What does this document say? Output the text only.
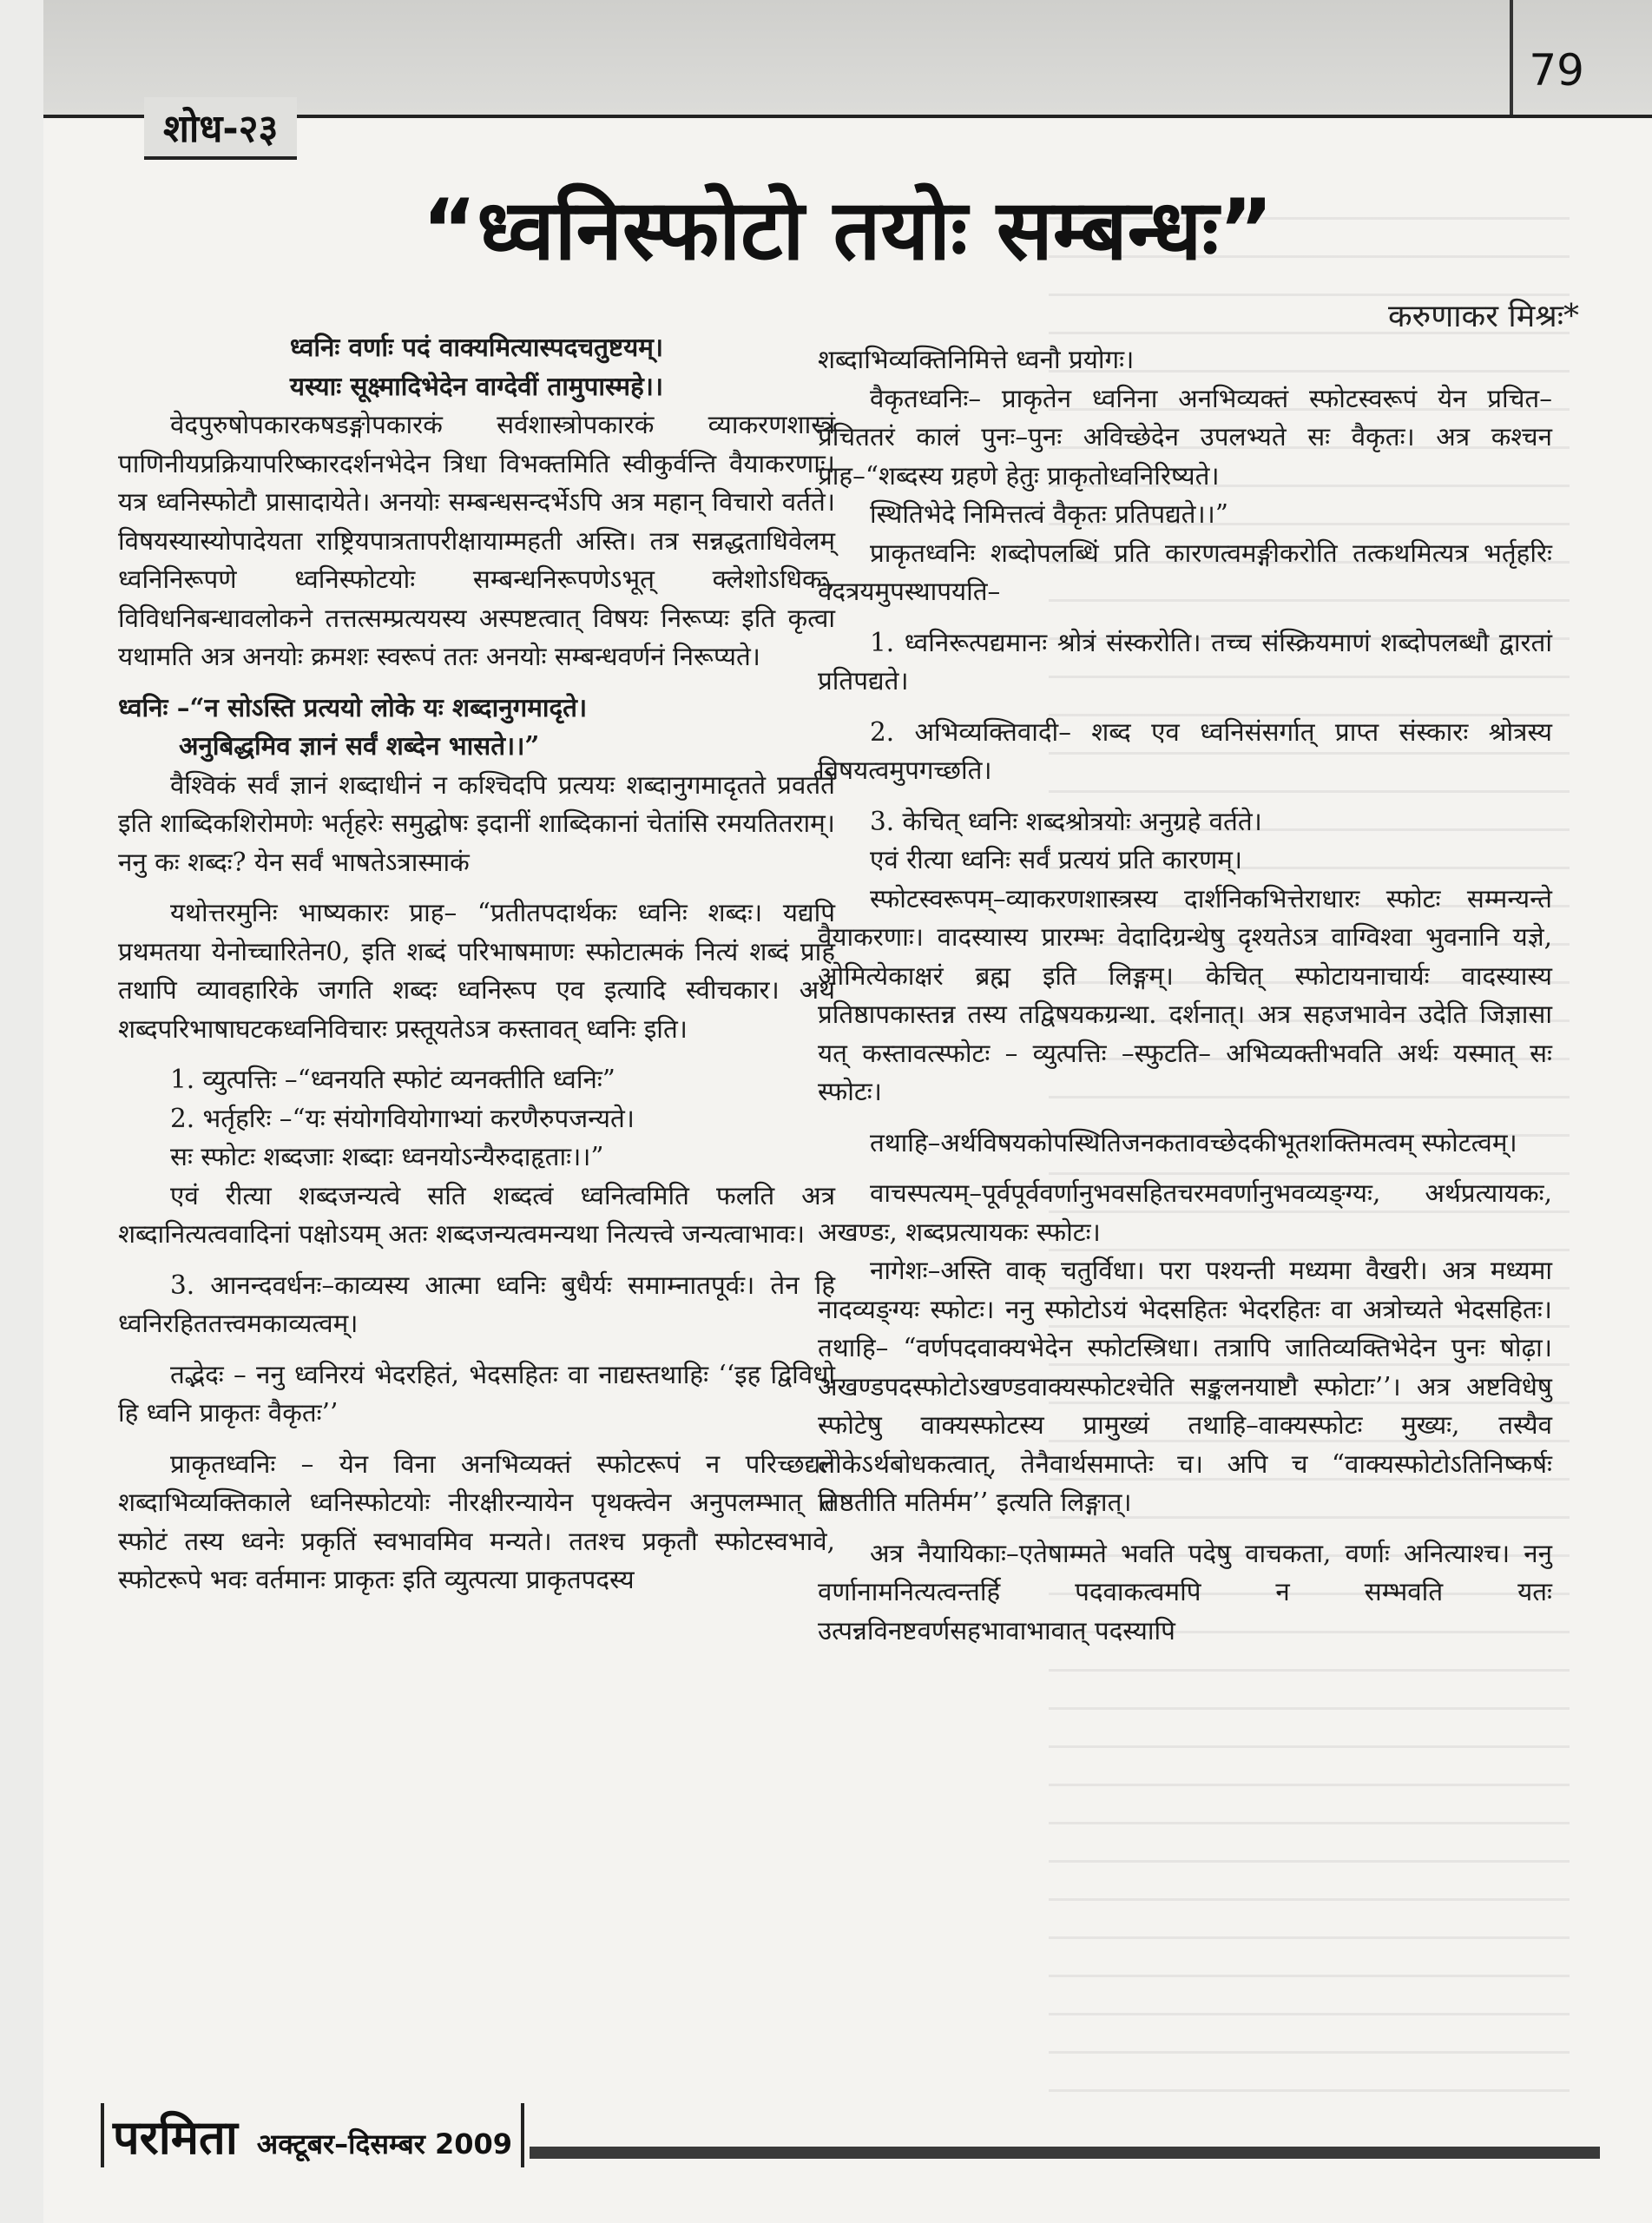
79
शोध-२३
“ध्वनिस्फोटो तयोः सम्बन्धः”
करुणाकर मिश्रः*

ध्वनिः वर्णाः पदं वाक्यमित्यास्पदचतुष्टयम्।

यस्याः सूक्ष्मादिभेदेन वाग्देवीं तामुपास्महे।।

वेदपुरुषोपकारकषडङ्गोपकारकं सर्वशास्त्रोपकारकं व्याकरणशास्त्रं पाणिनीयप्रक्रियापरिष्कारदर्शनभेदेन त्रिधा विभक्तमिति स्वीकुर्वन्ति वैयाकरणाः। यत्र ध्वनिस्फोटौ प्रासादायेते। अनयोः सम्बन्धसन्दर्भेऽपि अत्र महान् विचारो वर्तते। विषयस्यास्योपादेयता राष्ट्रियपात्रतापरीक्षायाम्महती अस्ति। तत्र सन्नद्धताधिवेलम् ध्वनिनिरूपणे ध्वनिस्फोटयोः सम्बन्धनिरूपणेऽभूत् क्लेशोऽधिकः, विविधनिबन्धावलोकने तत्तत्सम्प्रत्ययस्य अस्पष्टत्वात् विषयः निरूप्यः इति कृत्वा यथामति अत्र अनयोः क्रमशः स्वरूपं ततः अनयोः सम्बन्धवर्णनं निरूप्यते।

ध्वनिः –“न सोऽस्ति प्रत्ययो लोके यः शब्दानुगमादृते।

अनुबिद्धमिव ज्ञानं सर्वं शब्देन भासते।।”

वैश्विकं सर्वं ज्ञानं शब्दाधीनं न कश्चिदपि प्रत्ययः शब्दानुगमादृतते प्रवर्तते इति शाब्दिकशिरोमणेः भर्तृहरेः समुद्घोषः इदानीं शाब्दिकानां चेतांसि रमयतितराम्। ननु कः शब्दः? येन सर्वं भाषतेऽत्रास्माकं

यथोत्तरमुनिः भाष्यकारः प्राह– “प्रतीतपदार्थकः ध्वनिः शब्दः। यद्यपि प्रथमतया येनोच्चारितेन0, इति शब्दं परिभाषमाणः स्फोटात्मकं नित्यं शब्दं प्राह तथापि व्यावहारिके जगति शब्दः ध्वनिरूप एव इत्यादि स्वीचकार। अथ शब्दपरिभाषाघटकध्वनिविचारः प्रस्तूयतेऽत्र कस्तावत् ध्वनिः इति।

1. व्युत्पत्तिः –“ध्वनयति स्फोटं व्यनक्तीति ध्वनिः”

2. भर्तृहरिः –“यः संयोगवियोगाभ्यां करणैरुपजन्यते।

सः स्फोटः शब्दजाः शब्दाः ध्वनयोऽन्यैरुदाहृताः।।”

एवं रीत्या शब्दजन्यत्वे सति शब्दत्वं ध्वनित्वमिति फलति अत्र शब्दानित्यत्ववादिनां पक्षोऽयम् अतः शब्दजन्यत्वमन्यथा नित्यत्त्वे जन्यत्वाभावः।

3. आनन्दवर्धनः–काव्यस्य आत्मा ध्वनिः बुधैर्यः समाम्नातपूर्वः। तेन हि ध्वनिरहिततत्त्वमकाव्यत्वम्।

तद्भेदः – ननु ध्वनिरयं भेदरहितं, भेदसहितः वा नाद्यस्तथाहिः ‘‘इह द्विविधो हि ध्वनि प्राकृतः वैकृतः’’

प्राकृतध्वनिः – येन विना अनभिव्यक्तं स्फोटरूपं न परिच्छद्यते शब्दाभिव्यक्तिकाले ध्वनिस्फोटयोः नीरक्षीरन्यायेन पृथक्त्वेन अनुपलम्भात् तं स्फोटं तस्य ध्वनेः प्रकृतिं स्वभावमिव मन्यते। ततश्च प्रकृतौ स्फोटस्वभावे, स्फोटरूपे भवः वर्तमानः प्राकृतः इति व्युत्पत्या प्राकृतपदस्य

शब्दाभिव्यक्तिनिमित्ते ध्वनौ प्रयोगः।

वैकृतध्वनिः– प्राकृतेन ध्वनिना अनभिव्यक्तं स्फोटस्वरूपं येन प्रचित–प्रचिततरं कालं पुनः–पुनः अविच्छेदेन उपलभ्यते सः वैकृतः। अत्र कश्चन प्राह–“शब्दस्य ग्रहणे हेतुः प्राकृतोध्वनिरिष्यते।

स्थितिभेदे निमित्तत्वं वैकृतः प्रतिपद्यते।।”

प्राकृतध्वनिः शब्दोपलब्धिं प्रति कारणत्वमङ्गीकरोति तत्कथमित्यत्र भर्तृहरिः वेदत्रयमुपस्थापयति–

1. ध्वनिरूत्पद्यमानः श्रोत्रं संस्करोति। तच्च संस्क्रियमाणं शब्दोपलब्धौ द्वारतां प्रतिपद्यते।

2. अभिव्यक्तिवादी– शब्द एव ध्वनिसंसर्गात् प्राप्त संस्कारः श्रोत्रस्य विषयत्वमुपगच्छति।

3. केचित् ध्वनिः शब्दश्रोत्रयोः अनुग्रहे वर्तते।

एवं रीत्या ध्वनिः सर्वं प्रत्ययं प्रति कारणम्।

स्फोटस्वरूपम्–व्याकरणशास्त्रस्य दार्शनिकभित्तेराधारः स्फोटः सम्मन्यन्ते वैयाकरणाः। वादस्यास्य प्रारम्भः वेदादिग्रन्थेषु दृश्यतेऽत्र वाग्विश्वा भुवनानि यज्ञे, ओमित्येकाक्षरं ब्रह्म इति लिङ्गम्। केचित् स्फोटायनाचार्यः वादस्यास्य प्रतिष्ठापकास्तन्न तस्य तद्विषयकग्रन्था. दर्शनात्। अत्र सहजभावेन उदेति जिज्ञासा यत् कस्तावत्स्फोटः – व्युत्पत्तिः –स्फुटति– अभिव्यक्तीभवति अर्थः यस्मात् सः स्फोटः।

तथाहि–अर्थविषयकोपस्थितिजनकतावच्छेदकीभूतशक्तिमत्वम् स्फोटत्वम्।

वाचस्पत्यम्–पूर्वपूर्ववर्णानुभवसहितचरमवर्णानुभवव्यङ्ग्यः, अर्थप्रत्यायकः, अखण्डः, शब्दप्रत्यायकः स्फोटः।

नागेशः–अस्ति वाक् चतुर्विधा। परा पश्यन्ती मध्यमा वैखरी। अत्र मध्यमा नादव्यङ्ग्यः स्फोटः। ननु स्फोटोऽयं भेदसहितः भेदरहितः वा अत्रोच्यते भेदसहितः। तथाहि– “वर्णपदवाक्यभेदेन स्फोटस्त्रिधा। तत्रापि जातिव्यक्तिभेदेन पुनः षोढ़ा। अखण्डपदस्फोटोऽखण्डवाक्यस्फोटश्चेति सङ्कलनयाष्टौ स्फोटाः’’। अत्र अष्टविधेषु स्फोटेषु वाक्यस्फोटस्य प्रामुख्यं तथाहि–वाक्यस्फोटः मुख्यः, तस्यैव लोकेऽर्थबोधकत्वात्, तेनैवार्थसमाप्तेः च। अपि च “वाक्यस्फोटोऽतिनिष्कर्षः तिष्ठतीति मतिर्मम’’ इत्यति लिङ्गात्।

अत्र नैयायिकाः–एतेषाम्मते भवति पदेषु वाचकता, वर्णाः अनित्याश्च। ननु वर्णानामनित्यत्वन्तर्हि पदवाकत्वमपि न सम्भवति यतः उत्पन्नविनष्टवर्णसहभावाभावात् पदस्यापि

परमिता अक्टूबर–दिसम्बर 2009
